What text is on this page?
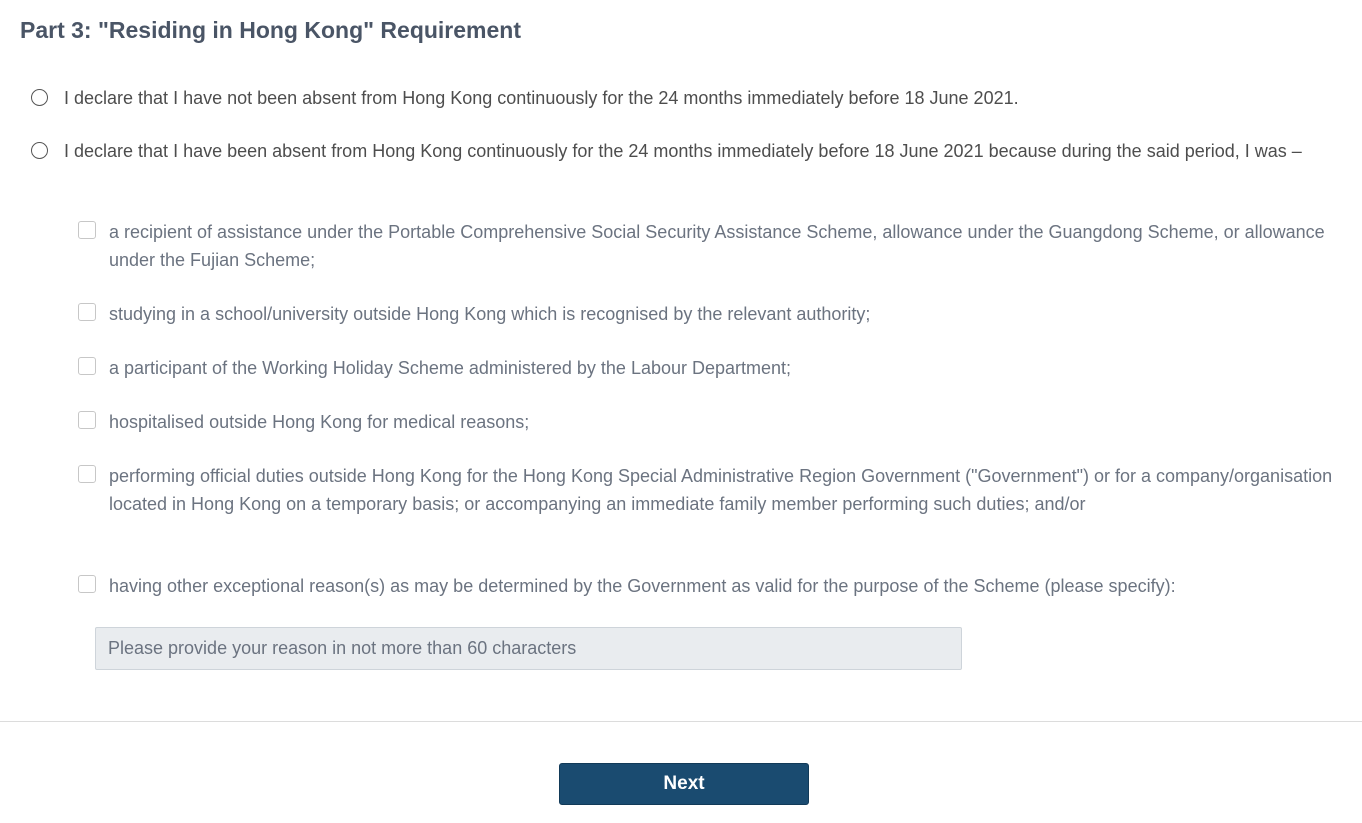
Part 3: "Residing in Hong Kong" Requirement
I declare that I have not been absent from Hong Kong continuously for the 24 months immediately before 18 June 2021.
I declare that I have been absent from Hong Kong continuously for the 24 months immediately before 18 June 2021 because during the said period, I was –
a recipient of assistance under the Portable Comprehensive Social Security Assistance Scheme, allowance under the Guangdong Scheme, or allowance under the Fujian Scheme;
studying in a school/university outside Hong Kong which is recognised by the relevant authority;
a participant of the Working Holiday Scheme administered by the Labour Department;
hospitalised outside Hong Kong for medical reasons;
performing official duties outside Hong Kong for the Hong Kong Special Administrative Region Government ("Government") or for a company/organisation located in Hong Kong on a temporary basis; or accompanying an immediate family member performing such duties; and/or
having other exceptional reason(s) as may be determined by the Government as valid for the purpose of the Scheme (please specify):
Please provide your reason in not more than 60 characters
Next
